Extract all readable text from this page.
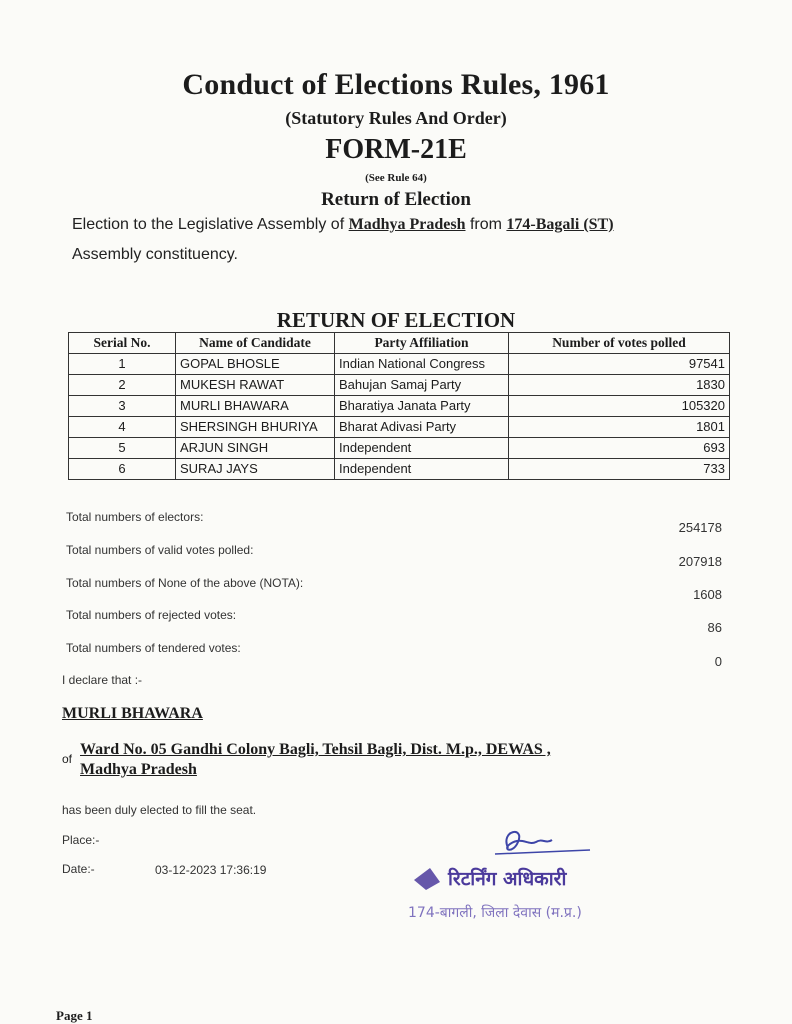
Conduct of Elections Rules, 1961
(Statutory Rules And Order)
FORM-21E
(See Rule 64)
Return of Election
Election to the Legislative Assembly of Madhya Pradesh from 174-Bagali (ST)
Assembly constituency.
RETURN OF ELECTION
Serial No.	Name of Candidate	Party Affiliation	Number of votes polled
1	GOPAL BHOSLE	Indian National Congress	97541
2	MUKESH RAWAT	Bahujan Samaj Party	1830
3	MURLI BHAWARA	Bharatiya Janata Party	105320
4	SHERSINGH BHURIYA	Bharat Adivasi Party	1801
5	ARJUN SINGH	Independent	693
6	SURAJ JAYS	Independent	733
Total numbers of electors:
254178
Total numbers of valid votes polled:
207918
Total numbers of None of the above (NOTA):
1608
Total numbers of rejected votes:
86
Total numbers of tendered votes:
0
I declare that :-
MURLI BHAWARA
of
Ward No. 05 Gandhi Colony Bagli, Tehsil Bagli, Dist. M.p., DEWAS ,
Madhya Pradesh
has been duly elected to fill the seat.
Place:-
Date:-	03-12-2023 17:36:19	रिटर्निंग अधिकारी
174-बागली, जिला देवास (म.प्र.)
Page 1
